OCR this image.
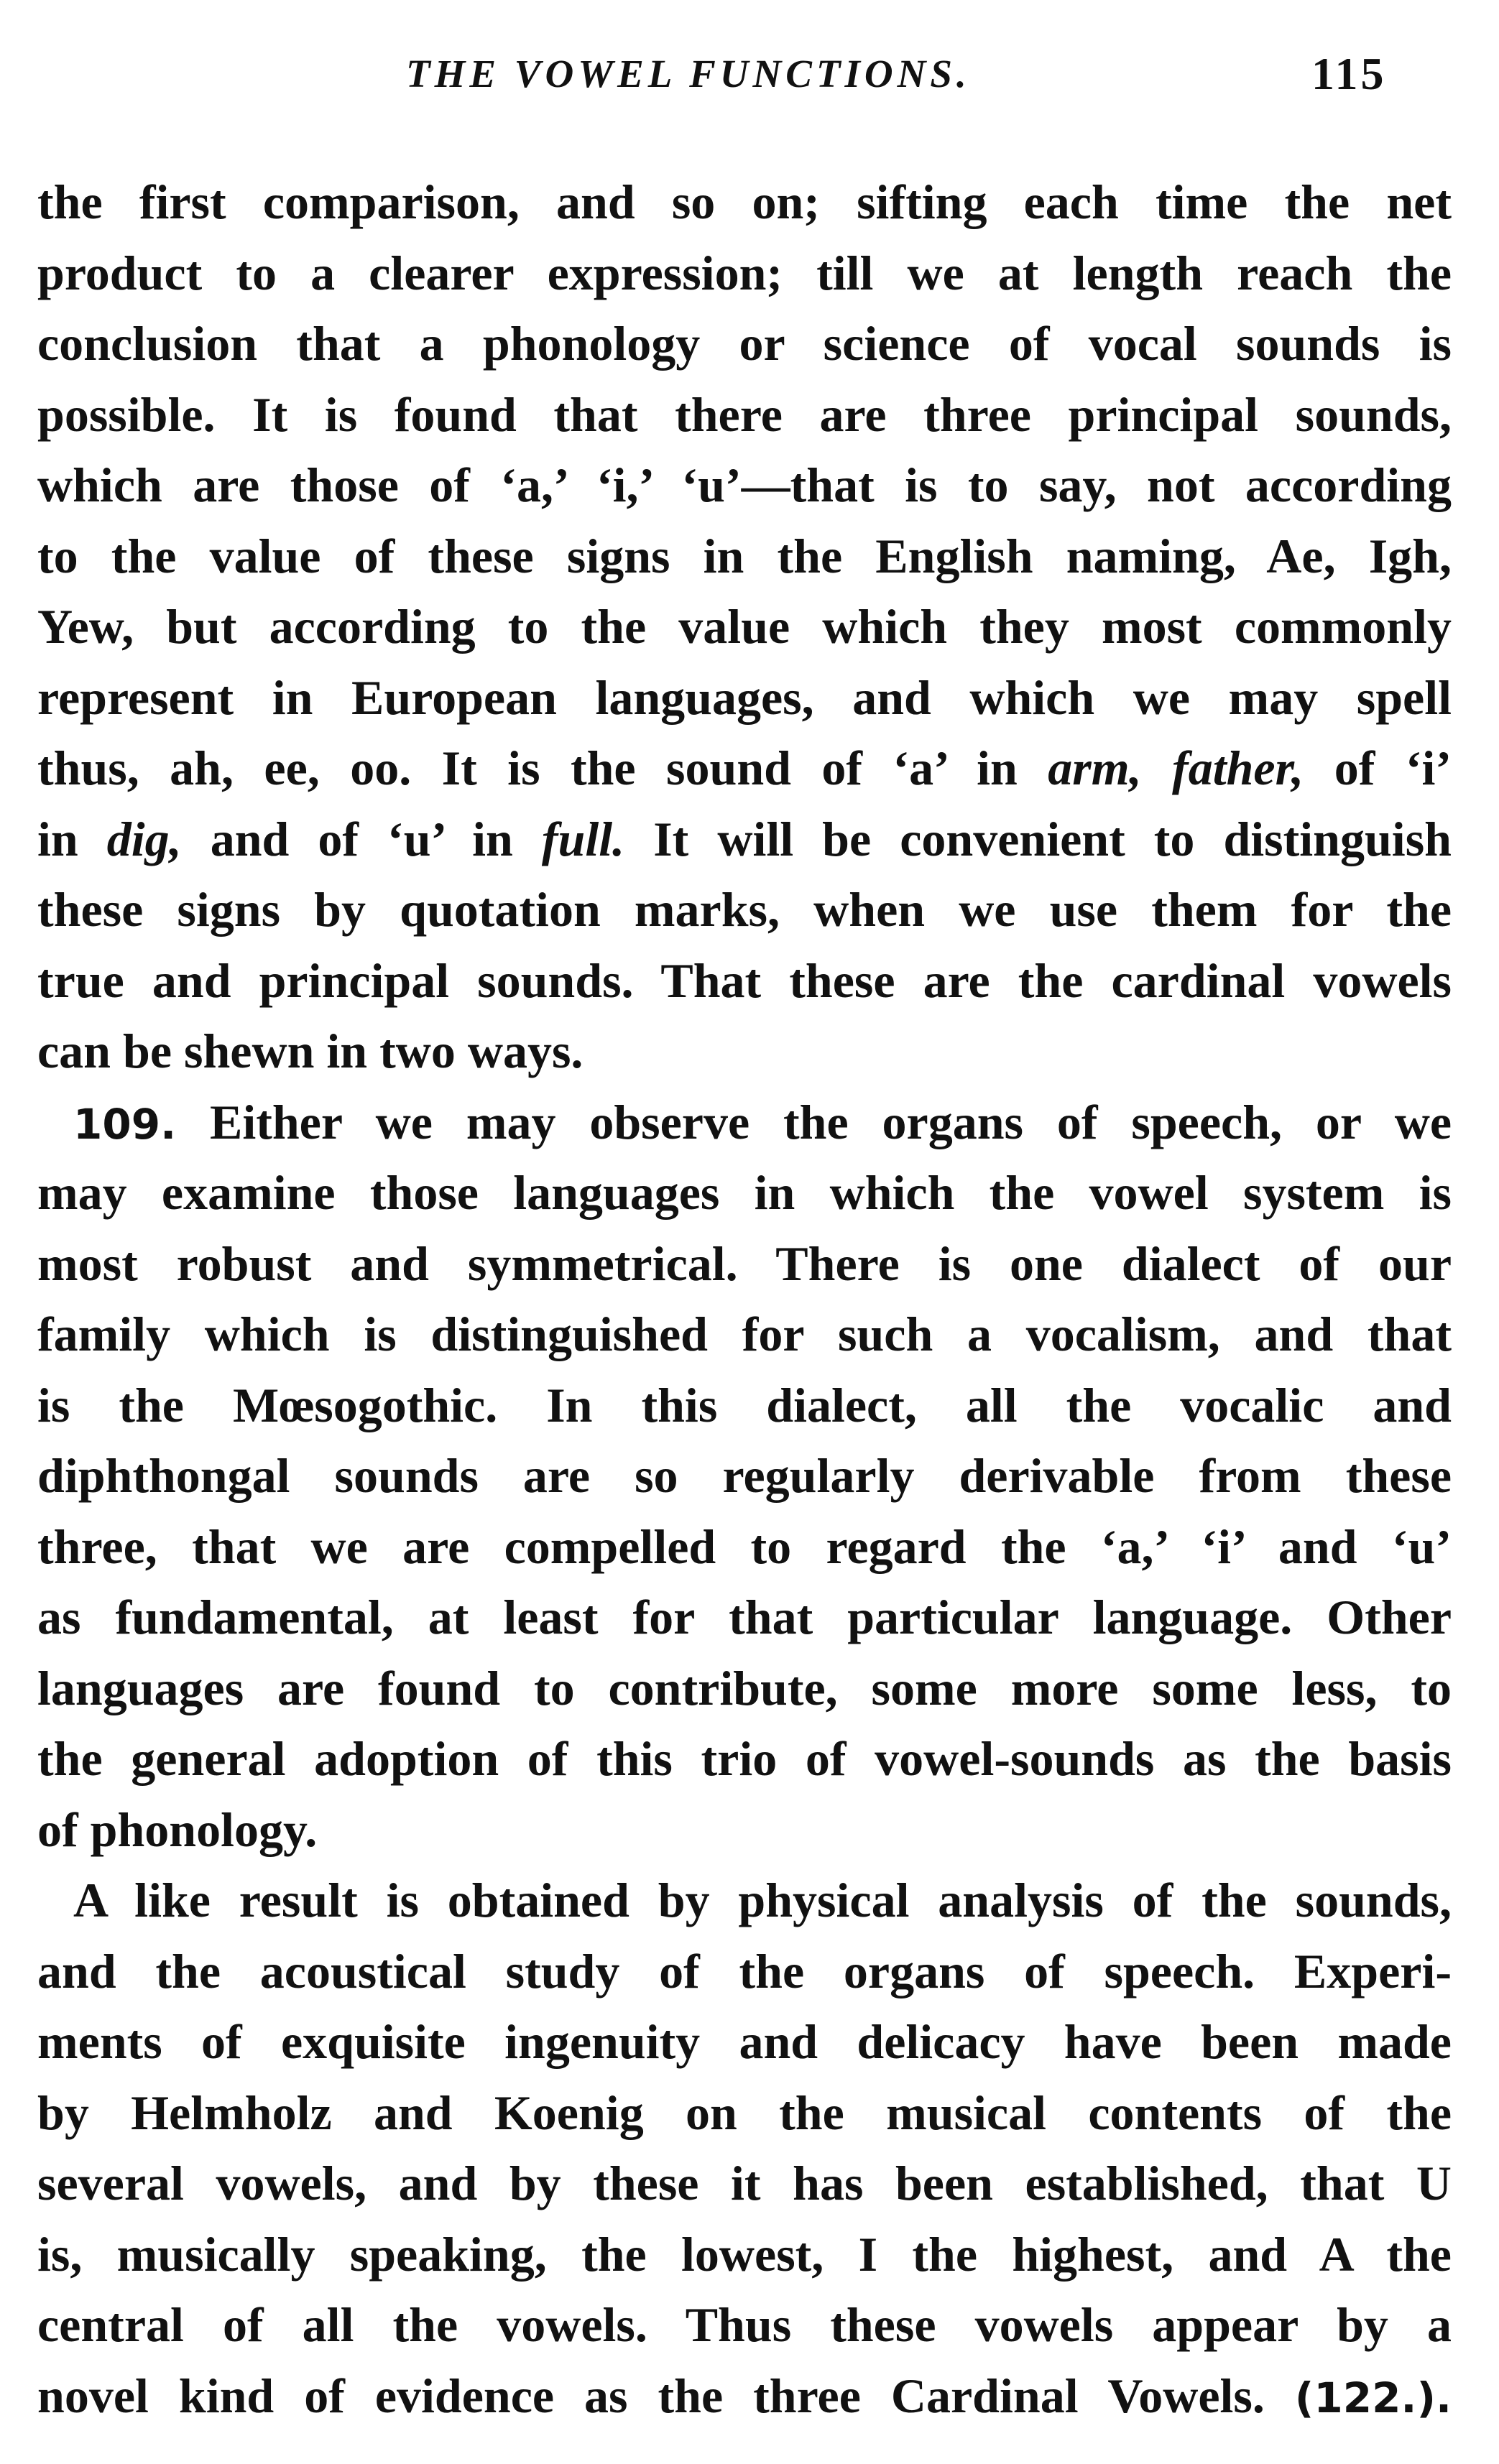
THE VOWEL FUNCTIONS.	115
the first comparison, and so on; sifting each time the net
product to a clearer expression; till we at length reach the
conclusion that a phonology or science of vocal sounds is
possible. It is found that there are three principal sounds,
which are those of ‘a,’ ‘i,’ ‘u’—that is to say, not according
to the value of these signs in the English naming, Ae, Igh,
Yew, but according to the value which they most commonly
represent in European languages, and which we may spell
thus, ah, ee, oo. It is the sound of ‘a’ in arm, father, of ‘i’
in dig, and of ‘u’ in full. It will be convenient to distinguish
these signs by quotation marks, when we use them for the
true and principal sounds. That these are the cardinal vowels
can be shewn in two ways.
109. Either we may observe the organs of speech, or we
may examine those languages in which the vowel system is
most robust and symmetrical. There is one dialect of our
family which is distinguished for such a vocalism, and that
is the Mœsogothic. In this dialect, all the vocalic and
diphthongal sounds are so regularly derivable from these
three, that we are compelled to regard the ‘a,’ ‘i’ and ‘u’
as fundamental, at least for that particular language. Other
languages are found to contribute, some more some less, to
the general adoption of this trio of vowel-sounds as the basis
of phonology.
A like result is obtained by physical analysis of the sounds,
and the acoustical study of the organs of speech. Experi-
ments of exquisite ingenuity and delicacy have been made
by Helmholz and Koenig on the musical contents of the
several vowels, and by these it has been established, that U
is, musically speaking, the lowest, I the highest, and A the
central of all the vowels. Thus these vowels appear by a
novel kind of evidence as the three Cardinal Vowels. (122.).
